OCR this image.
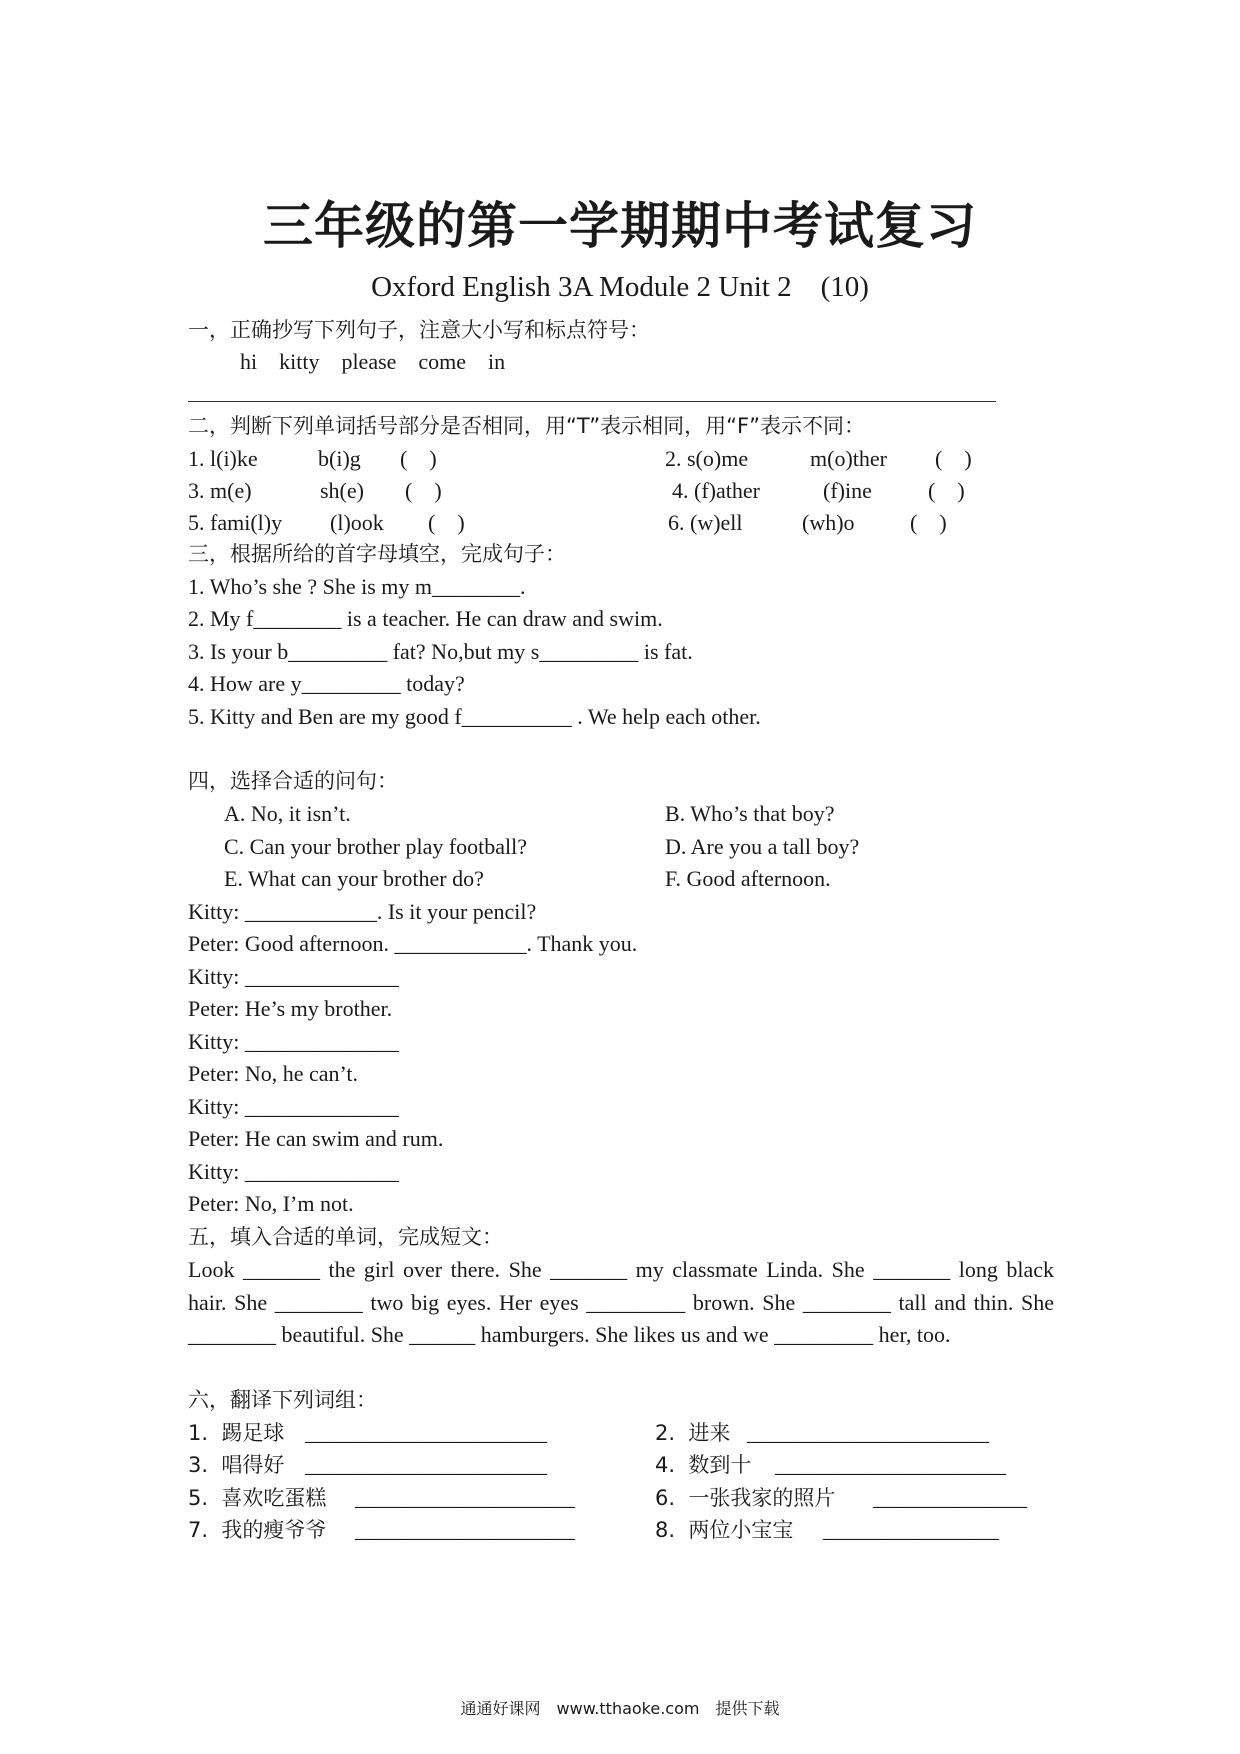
三年级的第一学期期中考试复习
Oxford English 3A Module 2 Unit 2　(10)
一，正确抄写下列句子，注意大小写和标点符号：
hi　kitty　please　come　in
二，判断下列单词括号部分是否相同，用“T”表示相同，用“F”表示不同：
1. l(i)ke	b(i)g (　)	2. s(o)me	m(o)ther (　)
3. m(e)	sh(e) (　)	4. (f)ather	(f)ine	(　)
5. fami(l)y (l)ook (　)	6. (w)ell	(wh)o	(　)
三，根据所给的首字母填空，完成句子：
1. Who’s she ? She is my m________.
2. My f________ is a teacher. He can draw and swim.
3. Is your b_________ fat? No,but my s_________ is fat.
4. How are y_________ today?
5. Kitty and Ben are my good f__________ . We help each other.
四，选择合适的问句：
A. No, it isn’t.	B. Who’s that boy?
C. Can your brother play football?	D. Are you a tall boy?
E. What can your brother do?	F. Good afternoon.
Kitty: ____________. Is it your pencil?
Peter: Good afternoon. ____________. Thank you.
Kitty: ______________
Peter: He’s my brother.
Kitty: ______________
Peter: No, he can’t.
Kitty: ______________
Peter: He can swim and rum.
Kitty: ______________
Peter: No, I’m not.
五，填入合适的单词，完成短文：
Look _______ the girl over there. She _______ my classmate Linda. She _______ long black hair. She ________ two big eyes. Her eyes _________ brown. She ________ tall and thin. She ________ beautiful. She ______ hamburgers. She likes us and we _________ her, too.
六，翻译下列词组：
1.  踢足球 ______________________	2.  进来 ______________________
3.  唱得好 ______________________	4.  数到十 _____________________
5.  喜欢吃蛋糕 ____________________	6.  一张我家的照片 ______________
7.  我的瘦爷爷 ____________________	8.  两位小宝宝 ________________
通通好课网　www.tthaoke.com　提供下载
